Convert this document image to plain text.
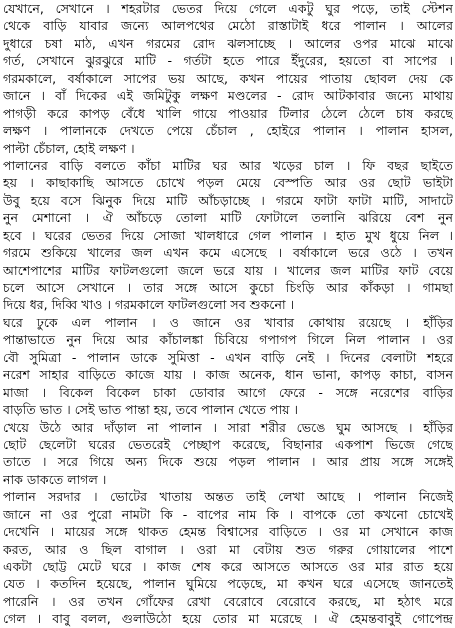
যেখানে, সেখানে । শহরটার ভেতর দিয়ে গেলে একটু ঘুর পড়ে, তাই স্টেশন
থেকে বাড়ি যাবার জন্যে আলপথের মেঠো রাস্তাটাই ধরে পালান । আলের
দুধারে চষা মাঠ, এখন গরমের রোদ ঝলসাচ্ছে । আলের ওপর মাঝে মাঝে
গর্ত, সেখানে ঝুরঝুরে মাটি - গর্তটা হতে পারে ইঁদুরের, হয়তো বা সাপের ।
গরমকালে, বর্ষাকালে সাপের ভয় আছে, কখন পায়ের পাতায় ছোবল দেয় কে
জানে । বাঁ দিকের এই জমিটুকু লক্ষণ মণ্ডলের - রোদ আটকাবার জন্যে মাথায়
পাগড়ী করে কাপড় বেঁধে খালি গায়ে পাওয়ার টিলার ঠেলে ঠেলে চাষ করছে
লক্ষণ । পালানকে দেখতে পেয়ে চেঁচাল , হোইরে পালান । পালান হাসল,
পাল্টা চেঁচাল, হোই লক্ষণ ।
পালানের বাড়ি বলতে কাঁচা মাটির ঘর আর খড়ের চাল । ফি বছর ছাইতে
হয় । কাছাকাছি আসতে চোখে পড়ল মেয়ে বেস্পতি আর ওর ছোট ভাইটা
উবু হয়ে বসে ঝিনুক দিয়ে মাটি আঁচড়াচ্ছে । গরমে ফাটা ফাটা মাটি, সাদাটে
নুন মেশানো । ঐ আঁচড়ে তোলা মাটি ফোটালে তলানি ঝরিয়ে বেশ নুন
হবে । ঘরের ভেতর দিয়ে সোজা খালধারে গেল পালান । হাত মুখ ধুয়ে নিল ।
গরমে শুকিয়ে খালের জল এখন কমে এসেছে । বর্ষাকালে ভরে ওঠে । তখন
আশেপাশের মাটির ফাটলগুলো জলে ভরে যায় । খালের জল মাটির ফাট বেয়ে
চলে আসে সেখানে । তার সঙ্গে আসে কুচো চিংড়ি আর কাঁকড়া । গামছা
দিয়ে ধর, দিব্বি খাও । গরমকালে ফাটলগুলো সব শুকনো ।
ঘরে ঢুকে এল পালান । ও জানে ওর খাবার কোথায় রয়েছে । হাঁড়ির
পান্তাভাতে নুন দিয়ে আর কাঁচালঙ্কা চিবিয়ে গপাগপ গিলে নিল পালান । ওর
বৌ সুমিত্রা - পালান ডাকে সুমিত্তা - এখন বাড়ি নেই । দিনের বেলাটা শহরে
নরেশ সাহার বাড়িতে কাজে যায় । কাজ অনেক, ধান ভানা, কাপড় কাচা, বাসন
মাজা । বিকেল বিকেল চাকা ডোবার আগে ফেরে - সঙ্গে নরেশের বাড়ির
বাড়তি ভাত । সেই ভাত পান্তা হয়, তবে পালান খেতে পায় ।
খেয়ে উঠে আর দাঁড়াল না পালান । সারা শরীর ভেঙে ঘুম আসছে । হাঁড়ির
ছোট ছেলেটা ঘরের ভেতরেই পেচ্ছাপ করেছে, বিছানার একপাশ ভিজে গেছে
তাতে । সরে গিয়ে অন্য দিকে শুয়ে পড়ল পালান । আর প্রায় সঙ্গে সঙ্গেই
নাক ডাকতে লাগল ।
পালান সরদার । ভোটের খাতায় অন্তত তাই লেখা আছে । পালান নিজেই
জানে না ওর পুরো নামটা কি - বাপের নাম কি । বাপকে তো কখনো চোখেই
দেখেনি । মায়ের সঙ্গে থাকত হেমন্ত বিশ্বাসের বাড়িতে । ওর মা সেখানে কাজ
করত, আর ও ছিল বাগাল । ওরা মা বেটায় শুত গরুর গোয়ালের পাশে
একটা ছোট্ট মেটে ঘরে । কাজ শেষ করে আসতে আসতে ওর মার রাত হয়ে
যেত । কতদিন হয়েছে, পালান ঘুমিয়ে পড়েছে, মা কখন ঘরে এসেছে জানতেই
পারেনি । ওর তখন গোঁফের রেখা বেরোবে বেরোবে করছে, মা হঠাৎ মরে
গেল । বাবু বলল, গুলাউঠো হয়ে তোর মা মরেছে । ঐ হেমন্তবাবুই গোপেন্দ্র
